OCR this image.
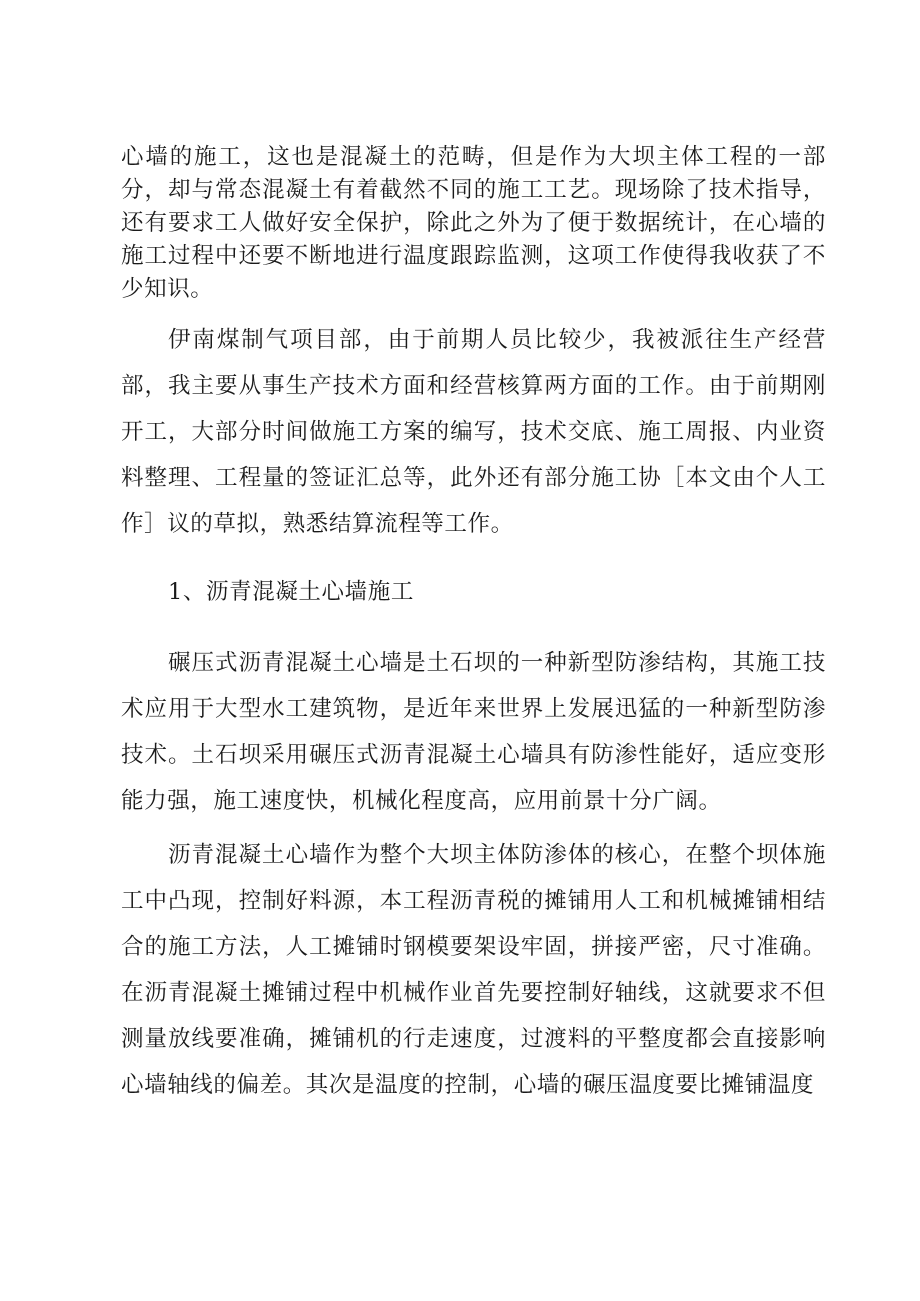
心墙的施工，这也是混凝土的范畴，但是作为大坝主体工程的一部分，却与常态混凝土有着截然不同的施工工艺。现场除了技术指导，还有要求工人做好安全保护，除此之外为了便于数据统计，在心墙的施工过程中还要不断地进行温度跟踪监测，这项工作使得我收获了不少知识。

伊南煤制气项目部，由于前期人员比较少，我被派往生产经营部，我主要从事生产技术方面和经营核算两方面的工作。由于前期刚开工，大部分时间做施工方案的编写，技术交底、施工周报、内业资料整理、工程量的签证汇总等，此外还有部分施工协［本文由个人工作］议的草拟，熟悉结算流程等工作。

1、沥青混凝土心墙施工

碾压式沥青混凝土心墙是土石坝的一种新型防渗结构，其施工技术应用于大型水工建筑物，是近年来世界上发展迅猛的一种新型防渗技术。土石坝采用碾压式沥青混凝土心墙具有防渗性能好，适应变形能力强，施工速度快，机械化程度高，应用前景十分广阔。

沥青混凝土心墙作为整个大坝主体防渗体的核心，在整个坝体施工中凸现，控制好料源，本工程沥青税的摊铺用人工和机械摊铺相结合的施工方法，人工摊铺时钢模要架设牢固，拼接严密，尺寸准确。在沥青混凝土摊铺过程中机械作业首先要控制好轴线，这就要求不但测量放线要准确，摊铺机的行走速度，过渡料的平整度都会直接影响心墙轴线的偏差。其次是温度的控制，心墙的碾压温度要比摊铺温度
